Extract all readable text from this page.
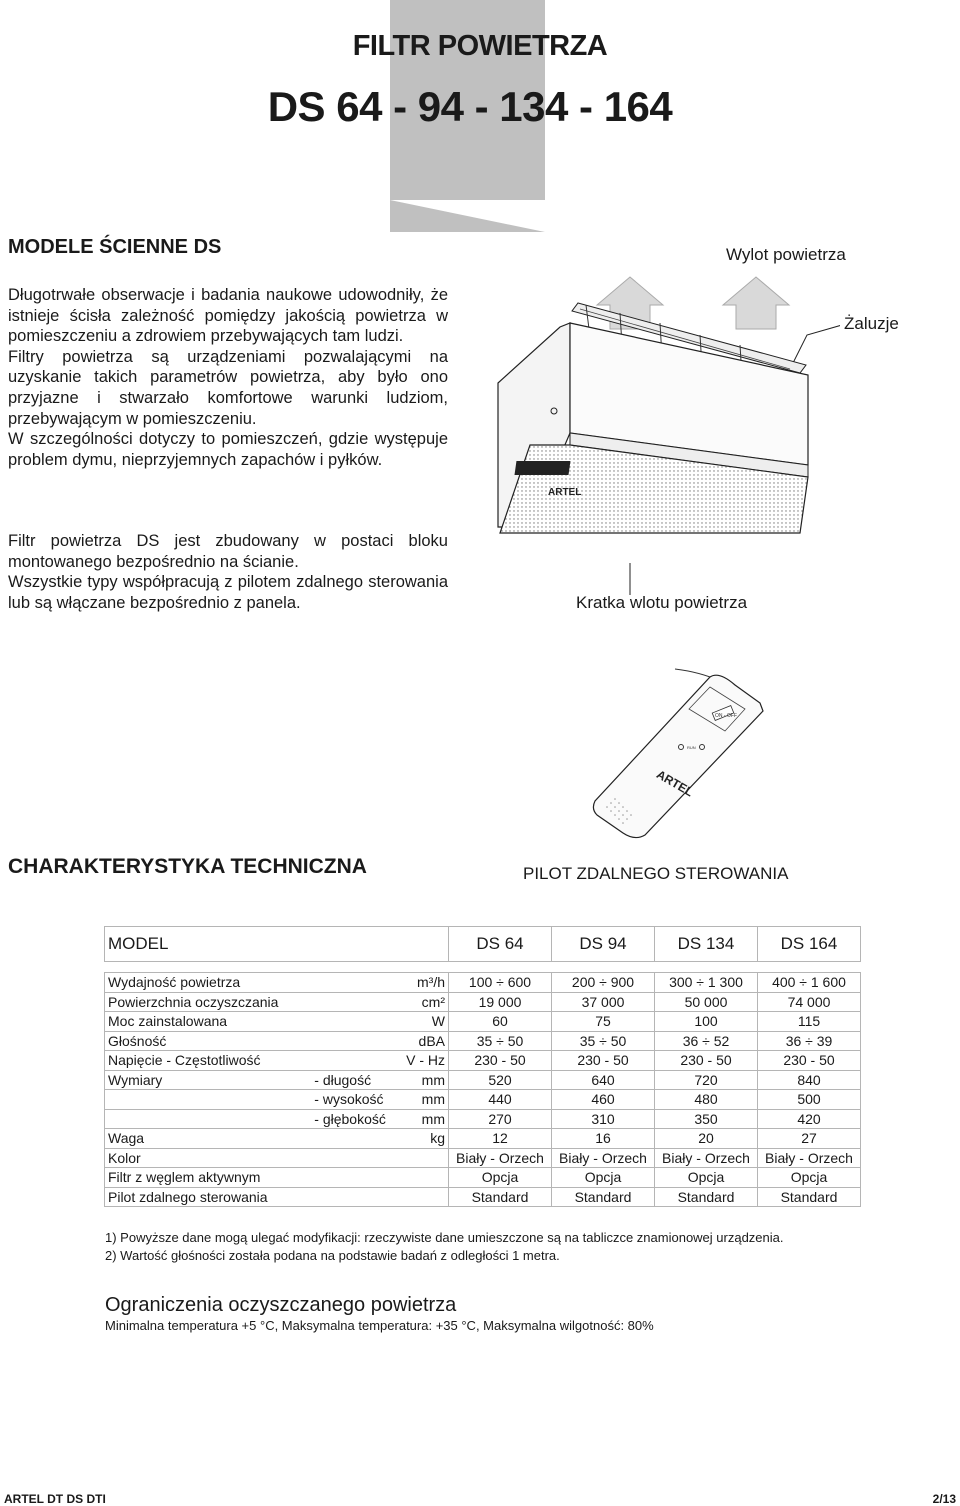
FILTR POWIETRZA
DS 64 - 94 - 134 - 164
MODELE ŚCIENNE DS

Długotrwałe obserwacje i badania naukowe udowodniły, że istnieje ścisła zależność pomiędzy jakością powietrza w pomieszczeniu a zdrowiem przebywających tam ludzi.

Filtry powietrza są urządzeniami pozwalającymi na uzyskanie takich parametrów powietrza, aby było ono przyjazne i stwarzało komfortowe warunki ludziom, przebywającym w pomieszczeniu.

W szczególności dotyczy to pomieszczeń, gdzie występuje problem dymu, nieprzyjemnych zapachów i pyłków.

Filtr powietrza DS jest zbudowany w postaci bloku montowanego bezpośrednio na ścianie.

Wszystkie typy współpracują z pilotem zdalnego sterowania lub są włączane bezpośrednio z panela.

Wylot powietrza
Żaluzje
Kratka wlotu powietrza
ARTEL
ON - OFF
RUN
ARTEL
CHARAKTERYSTYKA TECHNICZNA	PILOT ZDALNEGO STEROWANIA
MODEL			DS 64	DS 94	DS 134	DS 164

Wydajność powietrza		m³/h	100 ÷ 600	200 ÷ 900	300 ÷ 1 300	400 ÷ 1 600
Powierzchnia oczyszczania		cm²	19 000	37 000	50 000	74 000
Moc zainstalowana		W	60	75	100	115
Głośność		dBA	35 ÷ 50	35 ÷ 50	36 ÷ 52	36 ÷ 39
Napięcie - Częstotliwość		V - Hz	230 - 50	230 - 50	230 - 50	230 - 50
Wymiary	- długość	mm	520	640	720	840
	- wysokość	mm	440	460	480	500
	- głębokość	mm	270	310	350	420
Waga		kg	12	16	20	27
Kolor			Biały - Orzech	Biały - Orzech	Biały - Orzech	Biały - Orzech
Filtr z węglem aktywnym			Opcja	Opcja	Opcja	Opcja
Pilot zdalnego sterowania			Standard	Standard	Standard	Standard
1) Powyższe dane mogą ulegać modyfikacji: rzeczywiste dane umieszczone są na tabliczce znamionowej urządzenia.
2) Wartość głośności została podana na podstawie badań z odległości 1 metra.
Ograniczenia oczyszczanego powietrza
Minimalna temperatura +5 °C, Maksymalna temperatura: +35 °C, Maksymalna wilgotność: 80%
ARTEL DT DS DTI	2/13
